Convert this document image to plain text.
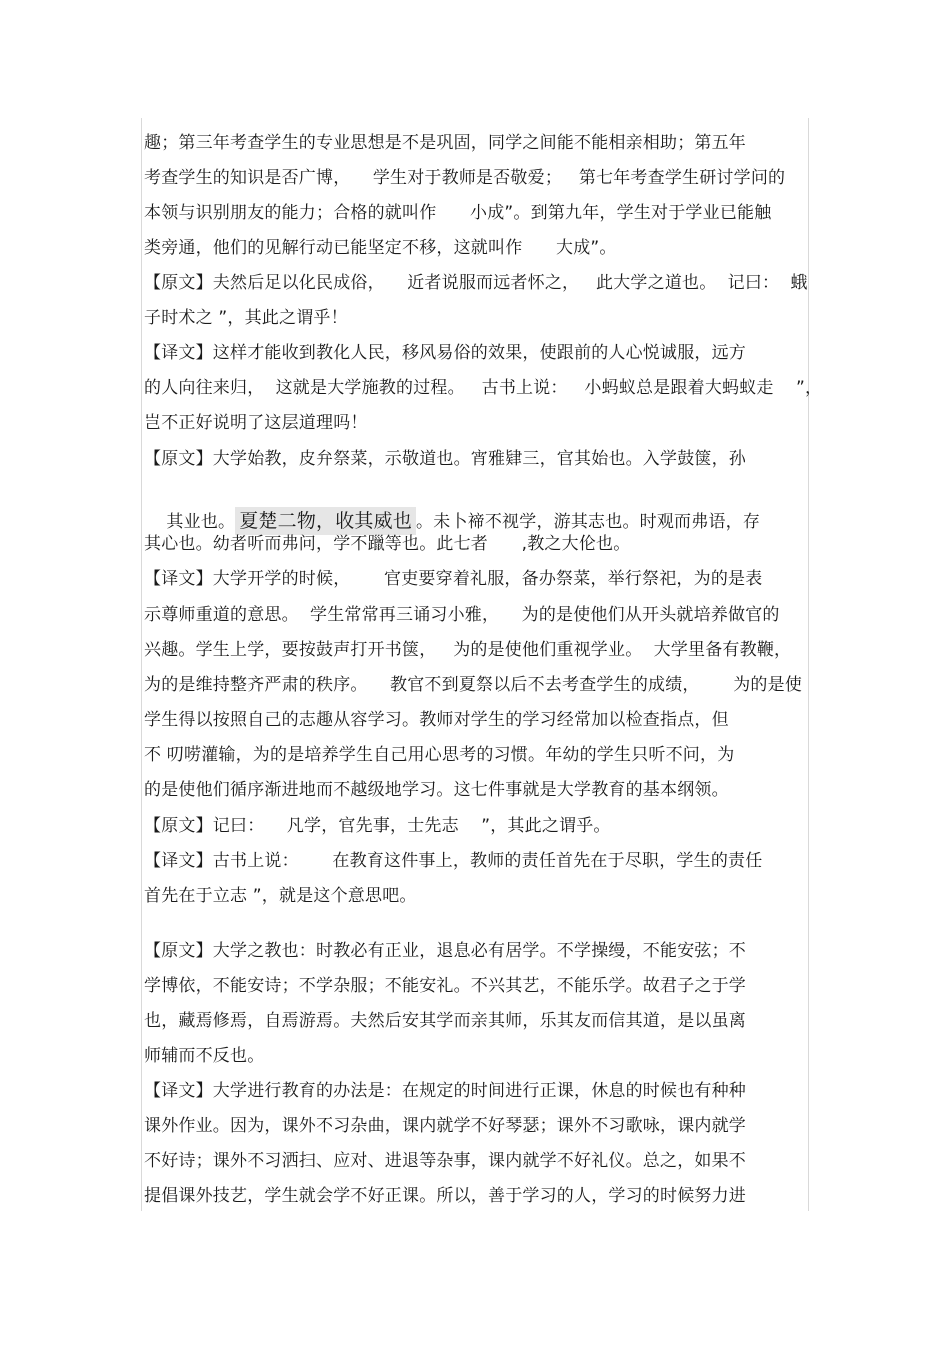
趣；第三年考查学生的专业思想是不是巩固，同学之间能不能相亲相助；第五年

考查学生的知识是否广博，    学生对于教师是否敬爱；   第七年考查学生研讨学问的

本领与识别朋友的能力；合格的就叫作      小成”。到第九年，学生对于学业已能触

类旁通，他们的见解行动已能坚定不移，这就叫作      大成”。

【原文】夫然后足以化民成俗，    近者说服而远者怀之，   此大学之道也。  记曰：  蛾

子时术之 ”，其此之谓乎！

【译文】这样才能收到教化人民，移风易俗的效果，使跟前的人心悦诚服，远方

的人向往来归，  这就是大学施教的过程。   古书上说：   小蚂蚁总是跟着大蚂蚁走    ”，

岂不正好说明了这层道理吗！

【原文】大学始教，皮弁祭菜，示敬道也。宵雅肄三，官其始也。入学鼓箧，孙

其业也。 夏楚二物，收其威也 。未卜禘不视学，游其志也。时观而弗语，存

其心也。幼者听而弗问，学不躐等也。此七者      ,教之大伦也。

【译文】大学开学的时候，      官吏要穿着礼服，备办祭菜，举行祭祀，为的是表

示尊师重道的意思。  学生常常再三诵习小雅，    为的是使他们从开头就培养做官的

兴趣。学生上学，要按鼓声打开书箧，   为的是使他们重视学业。  大学里备有教鞭，

为的是维持整齐严肃的秩序。    教官不到夏祭以后不去考查学生的成绩，      为的是使

学生得以按照自己的志趣从容学习。教师对学生的学习经常加以检查指点，但

不 叨唠灌输，为的是培养学生自己用心思考的习惯。年幼的学生只听不问，为

的是使他们循序渐进地而不越级地学习。这七件事就是大学教育的基本纲领。

【原文】记曰：    凡学，官先事，士先志    ”，其此之谓乎。

【译文】古书上说：      在教育这件事上，教师的责任首先在于尽职，学生的责任

首先在于立志 ”，就是这个意思吧。

【原文】大学之教也：时教必有正业，退息必有居学。不学操缦，不能安弦；不

学博依，不能安诗；不学杂服；不能安礼。不兴其艺，不能乐学。故君子之于学

也，藏焉修焉，自焉游焉。夫然后安其学而亲其师，乐其友而信其道，是以虽离

师辅而不反也。

【译文】大学进行教育的办法是：在规定的时间进行正课，休息的时候也有种种

课外作业。因为，课外不习杂曲，课内就学不好琴瑟；课外不习歌咏，课内就学

不好诗；课外不习洒扫、应对、进退等杂事，课内就学不好礼仪。总之，如果不

提倡课外技艺，学生就会学不好正课。所以，善于学习的人，学习的时候努力进
